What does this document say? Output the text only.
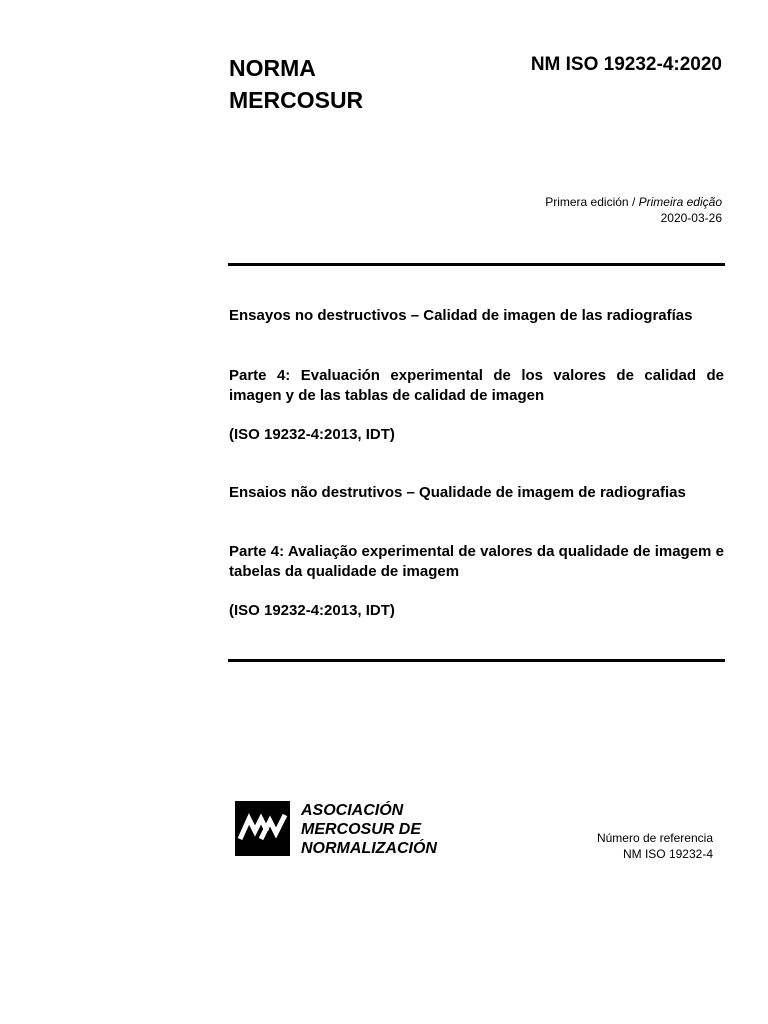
NORMA
MERCOSUR
NM ISO 19232-4:2020
Primera edición / Primeira edição
2020-03-26
Ensayos no destructivos – Calidad de imagen de las radiografías
Parte 4: Evaluación experimental de los valores de calidad de imagen y de las tablas de calidad de imagen
(ISO 19232-4:2013, IDT)
Ensaios não destrutivos – Qualidade de imagem de radiografias
Parte 4: Avaliação experimental de valores da qualidade de imagem e tabelas da qualidade de imagem
(ISO 19232-4:2013, IDT)
ASOCIACIÓN
MERCOSUR DE
NORMALIZACIÓN
Número de referencia
NM ISO 19232-4
